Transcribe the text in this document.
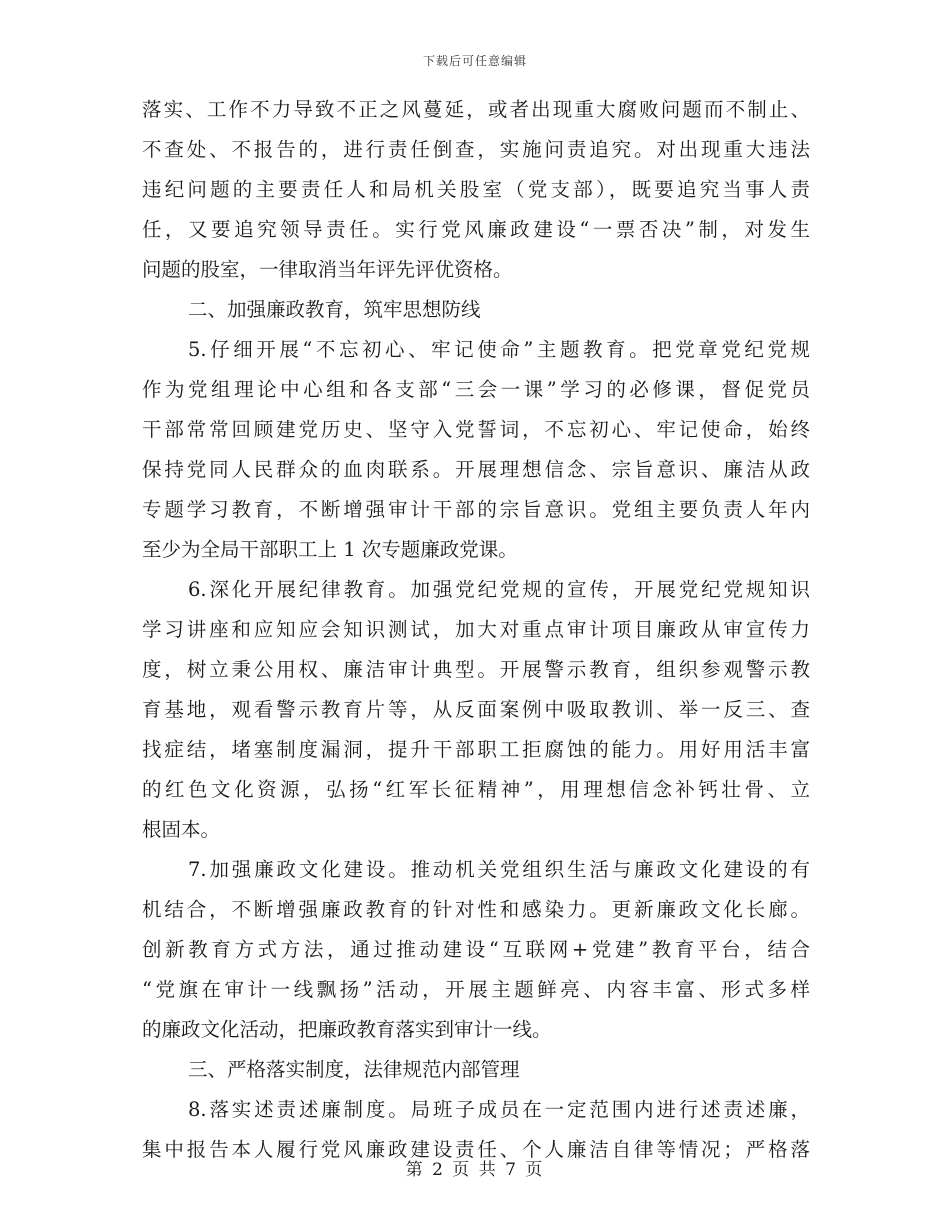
下载后可任意编辑
落实、工作不力导致不正之风蔓延，或者出现重大腐败问题而不制止、
不查处、不报告的，进行责任倒查，实施问责追究。对出现重大违法
违纪问题的主要责任人和局机关股室（党支部），既要追究当事人责
任，又要追究领导责任。实行党风廉政建设“一票否决”制，对发生
问题的股室，一律取消当年评先评优资格。
二、加强廉政教育，筑牢思想防线
5.仔细开展“不忘初心、牢记使命”主题教育。把党章党纪党规
作为党组理论中心组和各支部“三会一课”学习的必修课，督促党员
干部常常回顾建党历史、坚守入党誓词，不忘初心、牢记使命，始终
保持党同人民群众的血肉联系。开展理想信念、宗旨意识、廉洁从政
专题学习教育，不断增强审计干部的宗旨意识。党组主要负责人年内
至少为全局干部职工上 1 次专题廉政党课。
6.深化开展纪律教育。加强党纪党规的宣传，开展党纪党规知识
学习讲座和应知应会知识测试，加大对重点审计项目廉政从审宣传力
度，树立秉公用权、廉洁审计典型。开展警示教育，组织参观警示教
育基地，观看警示教育片等，从反面案例中吸取教训、举一反三、查
找症结，堵塞制度漏洞，提升干部职工拒腐蚀的能力。用好用活丰富
的红色文化资源，弘扬“红军长征精神”，用理想信念补钙壮骨、立
根固本。
7.加强廉政文化建设。推动机关党组织生活与廉政文化建设的有
机结合，不断增强廉政教育的针对性和感染力。更新廉政文化长廊。
创新教育方式方法，通过推动建设“互联网+党建”教育平台，结合
“党旗在审计一线飘扬”活动，开展主题鲜亮、内容丰富、形式多样
的廉政文化活动，把廉政教育落实到审计一线。
三、严格落实制度，法律规范内部管理
8.落实述责述廉制度。局班子成员在一定范围内进行述责述廉，
集中报告本人履行党风廉政建设责任、个人廉洁自律等情况；严格落
第 2 页 共 7 页
